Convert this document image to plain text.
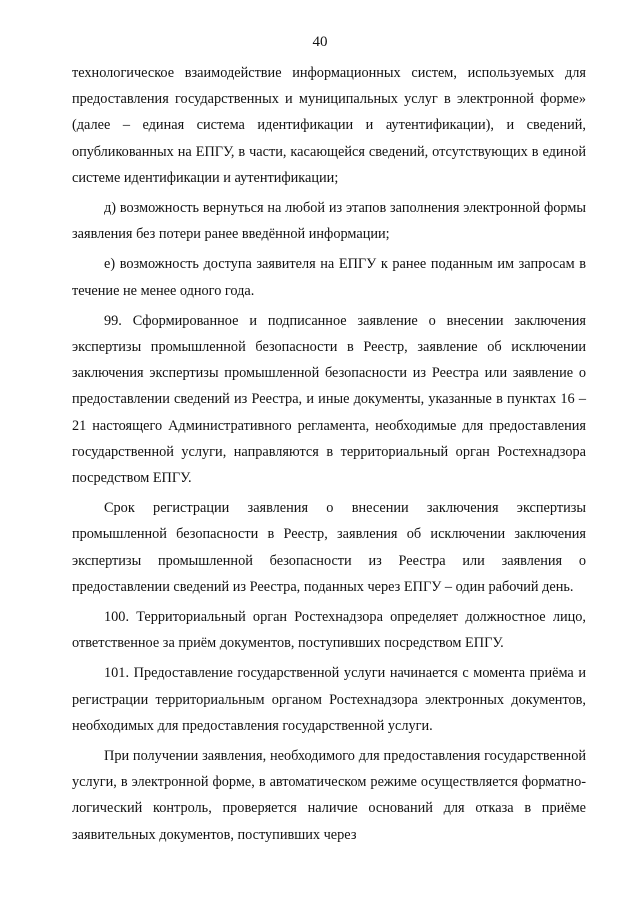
40

технологическое взаимодействие информационных систем, используемых для предоставления государственных и муниципальных услуг в электронной форме» (далее – единая система идентификации и аутентификации), и сведений, опубликованных на ЕПГУ, в части, касающейся сведений, отсутствующих в единой системе идентификации и аутентификации;

д) возможность вернуться на любой из этапов заполнения электронной формы заявления без потери ранее введённой информации;

е) возможность доступа заявителя на ЕПГУ к ранее поданным им запросам в течение не менее одного года.

99. Сформированное и подписанное заявление о внесении заключения экспертизы промышленной безопасности в Реестр, заявление об исключении заключения экспертизы промышленной безопасности из Реестра или заявление о предоставлении сведений из Реестра, и иные документы, указанные в пунктах 16 – 21 настоящего Административного регламента, необходимые для предоставления государственной услуги, направляются в территориальный орган Ростехнадзора посредством ЕПГУ.

Срок регистрации заявления о внесении заключения экспертизы промышленной безопасности в Реестр, заявления об исключении заключения экспертизы промышленной безопасности из Реестра или заявления о предоставлении сведений из Реестра, поданных через ЕПГУ – один рабочий день.

100. Территориальный орган Ростехнадзора определяет должностное лицо, ответственное за приём документов, поступивших посредством ЕПГУ.

101. Предоставление государственной услуги начинается с момента приёма и регистрации территориальным органом Ростехнадзора электронных документов, необходимых для предоставления государственной услуги.

При получении заявления, необходимого для предоставления государственной услуги, в электронной форме, в автоматическом режиме осуществляется форматно-логический контроль, проверяется наличие оснований для отказа в приёме заявительных документов, поступивших через
